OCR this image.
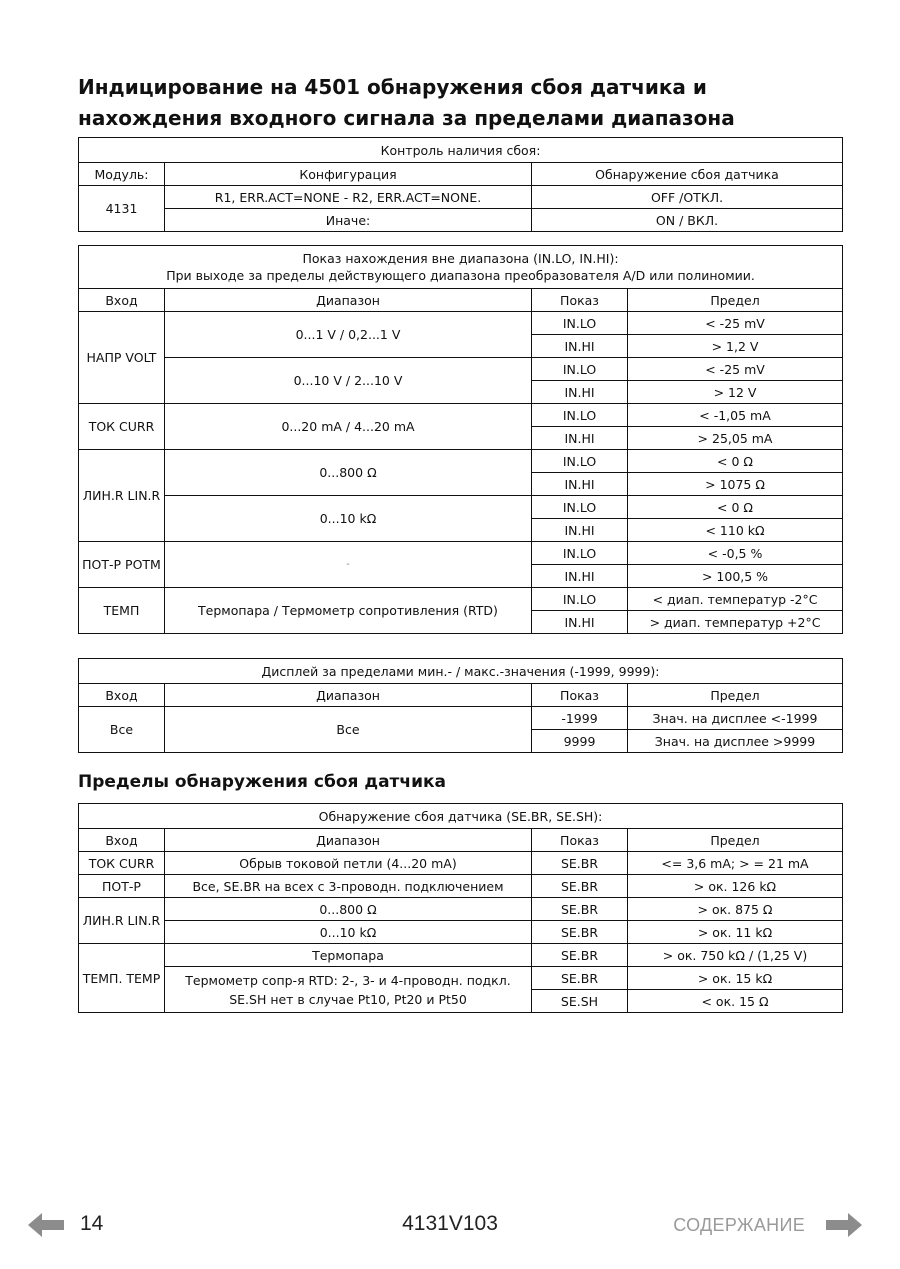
Индицирование на 4501 обнаружения сбоя датчика и нахождения входного сигнала за пределами диапазона
Контроль наличия сбоя:		
Модуль:	Конфигурация	Обнаружение сбоя датчика
4131	R1, ERR.ACT=NONE - R2, ERR.ACT=NONE.	OFF /ОТКЛ.
	Иначе:	ON / ВКЛ.
Показ нахождения вне диапазона (IN.LO, IN.HI):
При выходе за пределы действующего диапазона преобразователя A/D или полиномии.			
Вход	Диапазон	Показ	Предел
НАПР VOLT	0...1 V / 0,2...1 V	IN.LO	< -25 mV
		IN.HI	> 1,2 V
	0...10 V / 2...10 V	IN.LO	< -25 mV
		IN.HI	> 12 V
ТОК CURR	0...20 mA / 4...20 mA	IN.LO	< -1,05 mA
		IN.HI	> 25,05 mA
ЛИН.R LIN.R	0...800 Ω	IN.LO	< 0 Ω
		IN.HI	> 1075 Ω
	0...10 kΩ	IN.LO	< 0 Ω
		IN.HI	< 110 kΩ
ПОТ-P POTM	-	IN.LO	< -0,5 %
		IN.HI	> 100,5 %
ТЕМП	Термопара / Термометр сопротивления (RTD)	IN.LO	< диап. температур -2°C
		IN.HI	> диап. температур +2°C
Дисплей за пределами мин.- / макс.-значения (-1999, 9999):			
Вход	Диапазон	Показ	Предел
Все	Все	-1999	Знач. на дисплее <-1999
		9999	Знач. на дисплее >9999
Пределы обнаружения сбоя датчика
Обнаружение сбоя датчика (SE.BR, SE.SH):			
Вход	Диапазон	Показ	Предел
ТОК CURR	Обрыв токовой петли (4...20 mA)	SE.BR	<= 3,6 mA; > = 21 mA
ПОТ-P	Все, SE.BR на всех с 3-проводн. подключением	SE.BR	> ок. 126 kΩ
ЛИН.R LIN.R	0...800 Ω	SE.BR	> ок. 875 Ω
	0...10 kΩ	SE.BR	> ок. 11 kΩ
ТЕМП. TEMP	Термопара	SE.BR	> ок. 750 kΩ / (1,25 V)
	Термометр сопр-я RTD: 2-, 3- и 4-проводн. подкл. SE.SH нет в случае Pt10, Pt20 и Pt50	SE.BR	> ок. 15 kΩ
		SE.SH	< ок. 15 Ω
14	4131V103	СОДЕРЖАНИЕ
